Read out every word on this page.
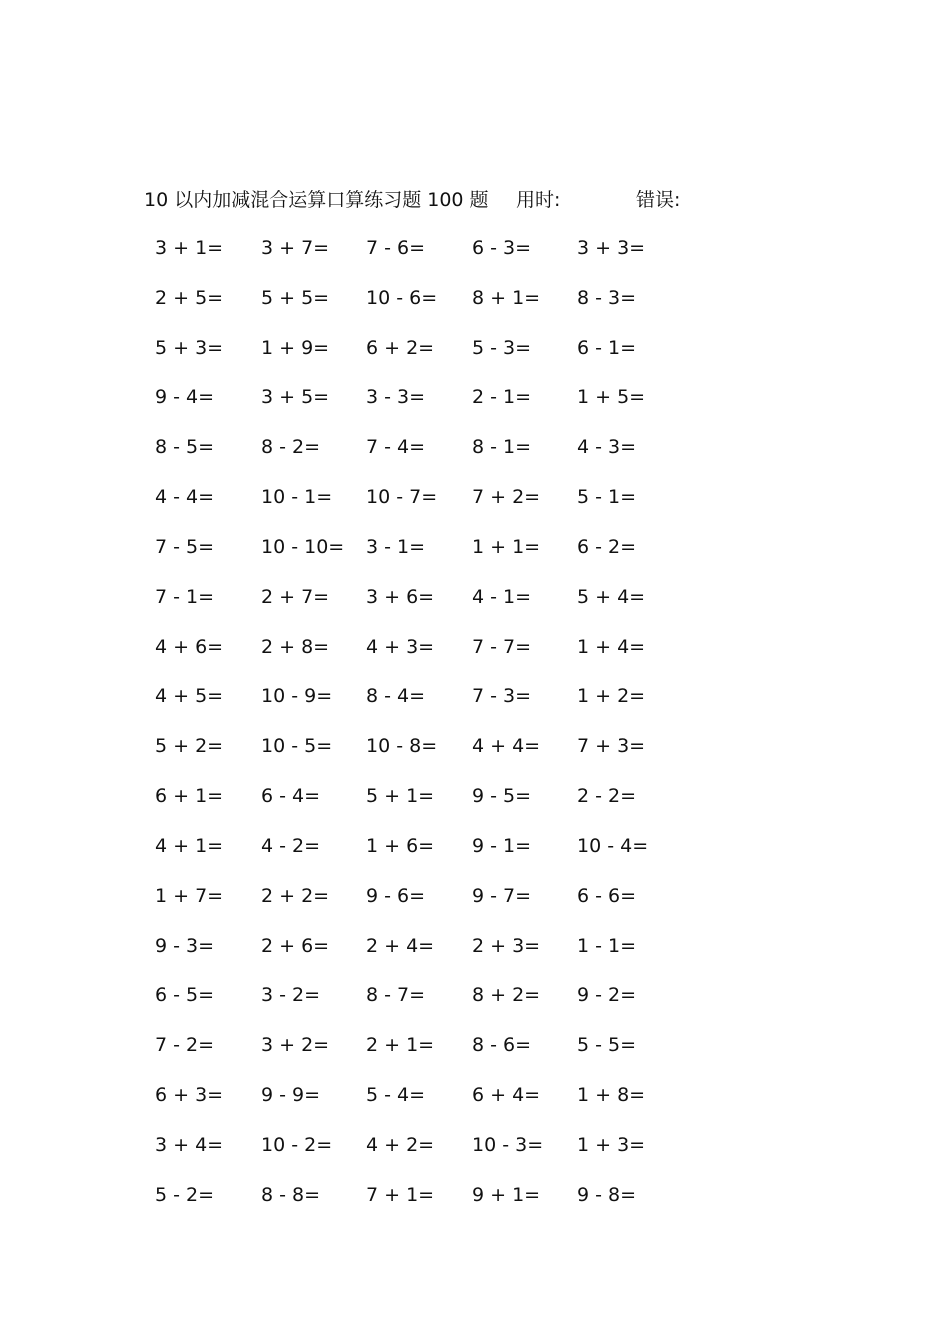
10 以内加减混合运算口算练习题 100 题 用时:	错误:
3 + 1= 3 + 7= 7 - 6= 6 - 3= 3 + 3=
2 + 5= 5 + 5= 10 - 6= 8 + 1= 8 - 3=
5 + 3= 1 + 9= 6 + 2= 5 - 3= 6 - 1=
9 - 4= 3 + 5= 3 - 3= 2 - 1= 1 + 5=
8 - 5= 8 - 2= 7 - 4= 8 - 1= 4 - 3=
4 - 4= 10 - 1= 10 - 7= 7 + 2= 5 - 1=
7 - 5= 10 - 10= 3 - 1= 1 + 1= 6 - 2=
7 - 1= 2 + 7= 3 + 6= 4 - 1= 5 + 4=
4 + 6= 2 + 8= 4 + 3= 7 - 7= 1 + 4=
4 + 5= 10 - 9= 8 - 4= 7 - 3= 1 + 2=
5 + 2= 10 - 5= 10 - 8= 4 + 4= 7 + 3=
6 + 1= 6 - 4= 5 + 1= 9 - 5= 2 - 2=
4 + 1= 4 - 2= 1 + 6= 9 - 1= 10 - 4=
1 + 7= 2 + 2= 9 - 6= 9 - 7= 6 - 6=
9 - 3= 2 + 6= 2 + 4= 2 + 3= 1 - 1=
6 - 5= 3 - 2= 8 - 7= 8 + 2= 9 - 2=
7 - 2= 3 + 2= 2 + 1= 8 - 6= 5 - 5=
6 + 3= 9 - 9= 5 - 4= 6 + 4= 1 + 8=
3 + 4= 10 - 2= 4 + 2= 10 - 3= 1 + 3=
5 - 2= 8 - 8= 7 + 1= 9 + 1= 9 - 8=
